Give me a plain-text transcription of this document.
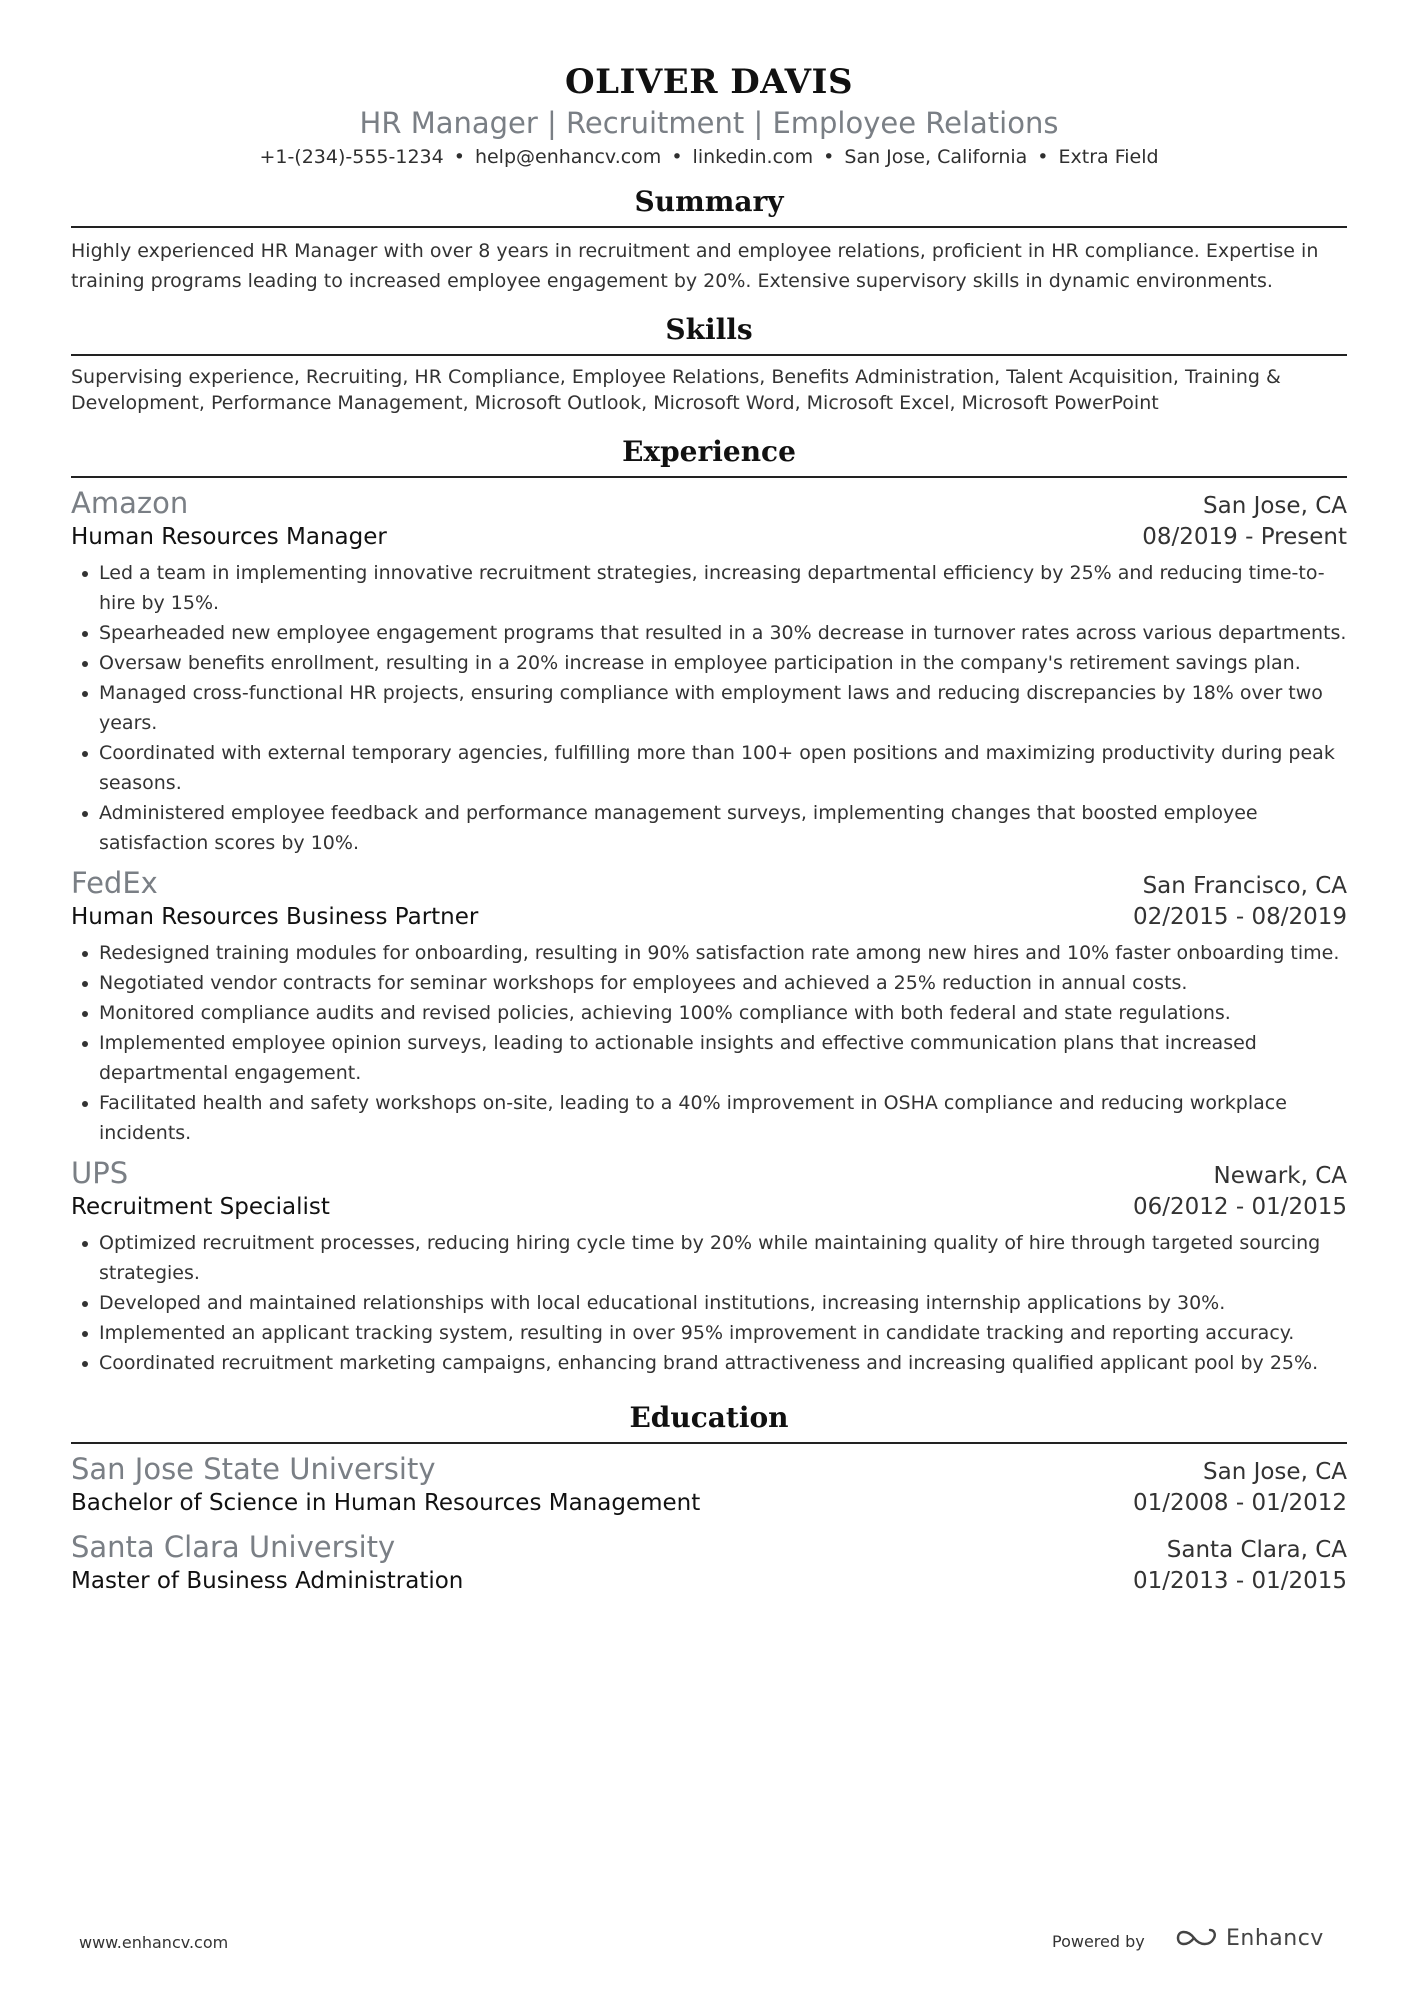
OLIVER DAVIS
HR Manager | Recruitment | Employee Relations
+1-(234)-555-1234 • help@enhancv.com • linkedin.com • San Jose, California • Extra Field
Summary
Highly experienced HR Manager with over 8 years in recruitment and employee relations, proficient in HR compliance. Expertise in training programs leading to increased employee engagement by 20%. Extensive supervisory skills in dynamic environments.
Skills
Supervising experience, Recruiting, HR Compliance, Employee Relations, Benefits Administration, Talent Acquisition, Training & Development, Performance Management, Microsoft Outlook, Microsoft Word, Microsoft Excel, Microsoft PowerPoint
Experience
Amazon	San Jose, CA
Human Resources Manager	08/2019 - Present
Led a team in implementing innovative recruitment strategies, increasing departmental efficiency by 25% and reducing time-to-hire by 15%.
Spearheaded new employee engagement programs that resulted in a 30% decrease in turnover rates across various departments.
Oversaw benefits enrollment, resulting in a 20% increase in employee participation in the company's retirement savings plan.
Managed cross-functional HR projects, ensuring compliance with employment laws and reducing discrepancies by 18% over two years.
Coordinated with external temporary agencies, fulfilling more than 100+ open positions and maximizing productivity during peak seasons.
Administered employee feedback and performance management surveys, implementing changes that boosted employee satisfaction scores by 10%.
FedEx	San Francisco, CA
Human Resources Business Partner	02/2015 - 08/2019
Redesigned training modules for onboarding, resulting in 90% satisfaction rate among new hires and 10% faster onboarding time.
Negotiated vendor contracts for seminar workshops for employees and achieved a 25% reduction in annual costs.
Monitored compliance audits and revised policies, achieving 100% compliance with both federal and state regulations.
Implemented employee opinion surveys, leading to actionable insights and effective communication plans that increased departmental engagement.
Facilitated health and safety workshops on-site, leading to a 40% improvement in OSHA compliance and reducing workplace incidents.
UPS	Newark, CA
Recruitment Specialist	06/2012 - 01/2015
Optimized recruitment processes, reducing hiring cycle time by 20% while maintaining quality of hire through targeted sourcing strategies.
Developed and maintained relationships with local educational institutions, increasing internship applications by 30%.
Implemented an applicant tracking system, resulting in over 95% improvement in candidate tracking and reporting accuracy.
Coordinated recruitment marketing campaigns, enhancing brand attractiveness and increasing qualified applicant pool by 25%.
Education
San Jose State University	San Jose, CA
Bachelor of Science in Human Resources Management	01/2008 - 01/2012
Santa Clara University	Santa Clara, CA
Master of Business Administration	01/2013 - 01/2015
www.enhancv.com	Powered by	Enhancv
